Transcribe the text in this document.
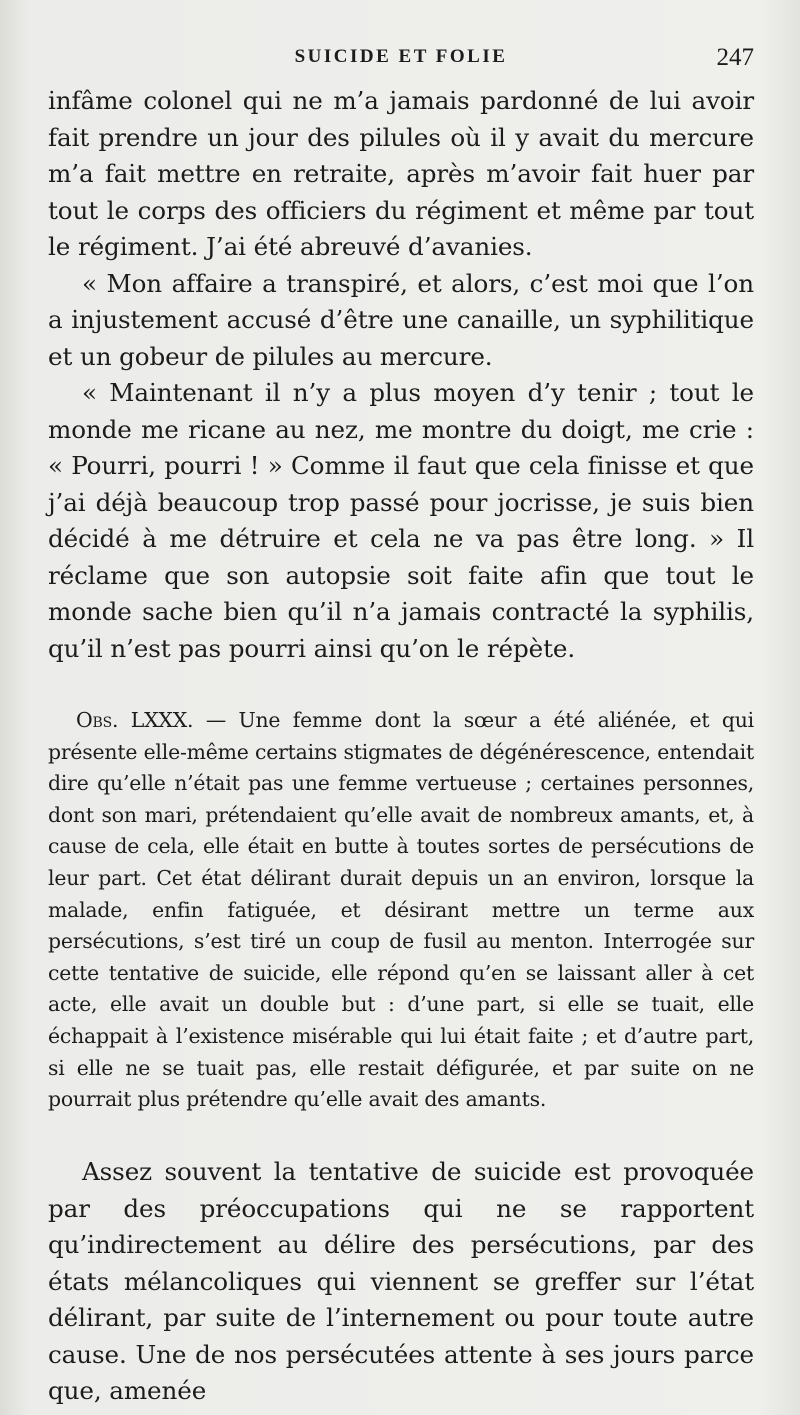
SUICIDE ET FOLIE	247

infâme colonel qui ne m’a jamais pardonné de lui avoir fait prendre un jour des pilules où il y avait du mercure m’a fait mettre en retraite, après m’avoir fait huer par tout le corps des officiers du régiment et même par tout le régiment. J’ai été abreuvé d’avanies.

« Mon affaire a transpiré, et alors, c’est moi que l’on a injustement accusé d’être une canaille, un syphilitique et un gobeur de pilules au mercure.

« Maintenant il n’y a plus moyen d’y tenir ; tout le monde me ricane au nez, me montre du doigt, me crie : « Pourri, pourri ! » Comme il faut que cela finisse et que j’ai déjà beaucoup trop passé pour jocrisse, je suis bien décidé à me détruire et cela ne va pas être long. » Il réclame que son autopsie soit faite afin que tout le monde sache bien qu’il n’a jamais contracté la syphilis, qu’il n’est pas pourri ainsi qu’on le répète.

Obs. LXXX. — Une femme dont la sœur a été aliénée, et qui présente elle-même certains stigmates de dégénérescence, entendait dire qu’elle n’était pas une femme vertueuse ; certaines personnes, dont son mari, prétendaient qu’elle avait de nombreux amants, et, à cause de cela, elle était en butte à toutes sortes de persécutions de leur part. Cet état délirant durait depuis un an environ, lorsque la malade, enfin fatiguée, et désirant mettre un terme aux persécutions, s’est tiré un coup de fusil au menton. Interrogée sur cette tentative de suicide, elle répond qu’en se laissant aller à cet acte, elle avait un double but : d’une part, si elle se tuait, elle échappait à l’existence misérable qui lui était faite ; et d’autre part, si elle ne se tuait pas, elle restait défigurée, et par suite on ne pourrait plus prétendre qu’elle avait des amants.

Assez souvent la tentative de suicide est provoquée par des préoccupations qui ne se rapportent qu’indirectement au délire des persécutions, par des états mélancoliques qui viennent se greffer sur l’état délirant, par suite de l’internement ou pour toute autre cause. Une de nos persécutées attente à ses jours parce que, amenée
